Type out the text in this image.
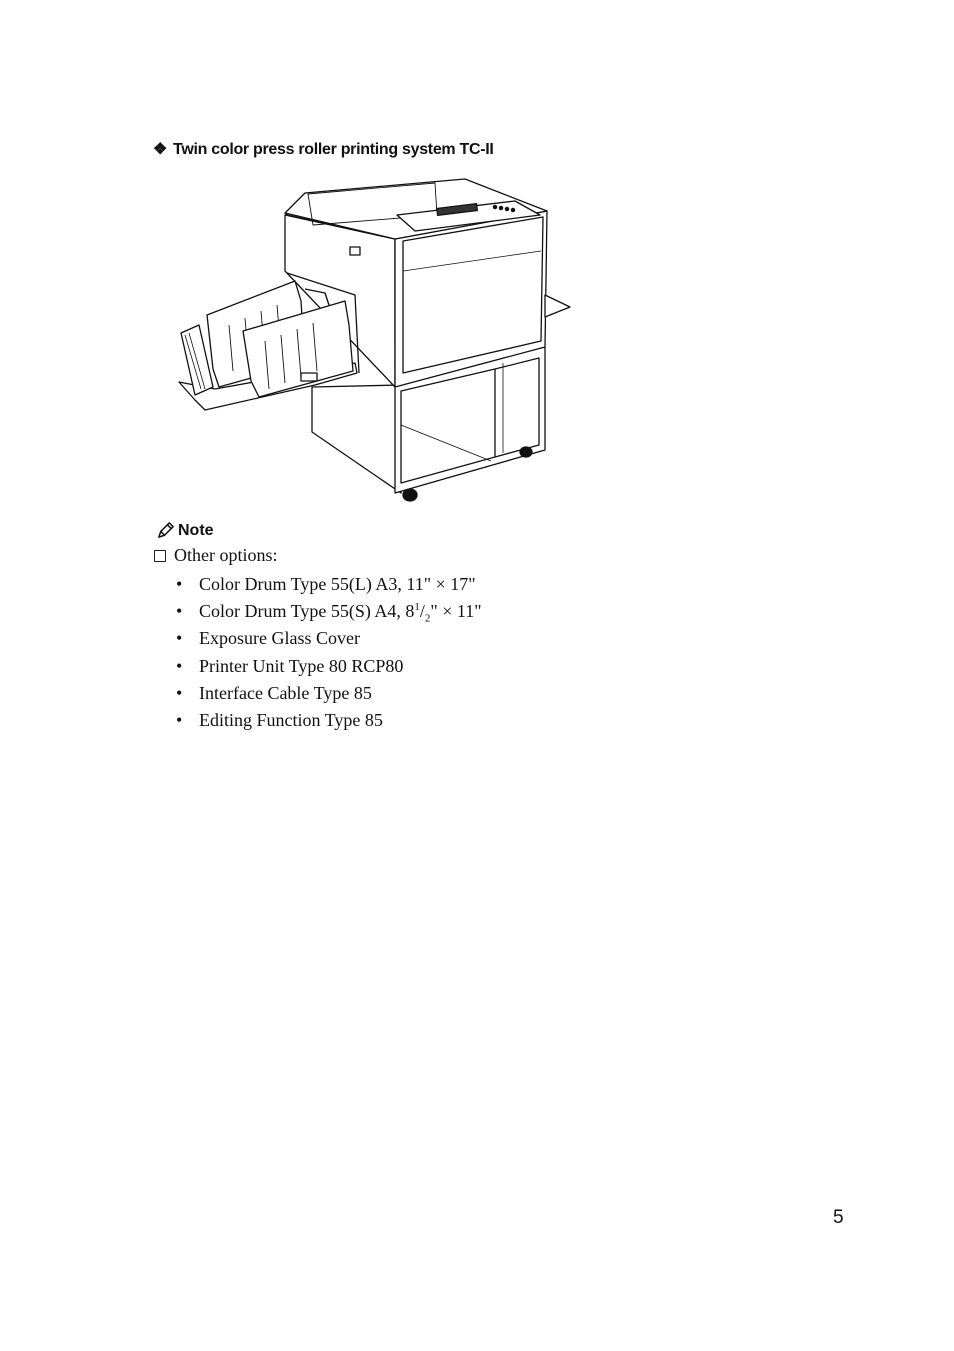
❖ Twin color press roller printing system TC-II
Note
Other options:
• Color Drum Type 55(L) A3, 11" × 17"
• Color Drum Type 55(S) A4, $8^1/_2$" × 11"
• Exposure Glass Cover
• Printer Unit Type 80 RCP80
• Interface Cable Type 85
• Editing Function Type 85
5
